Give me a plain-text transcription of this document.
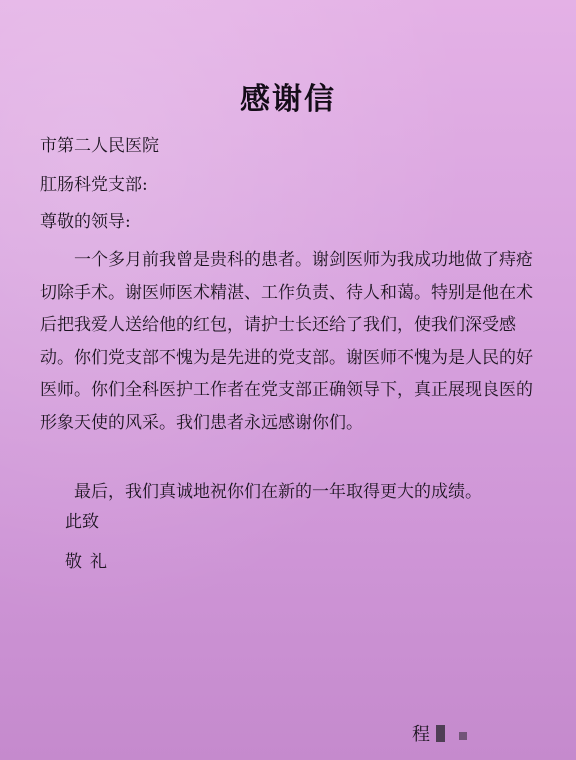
感谢信
市第二人民医院
肛肠科党支部:
尊敬的领导:
一个多月前我曾是贵科的患者。谢剑医师为我成功地做了痔疮切除手术。谢医师医术精湛、工作负责、待人和蔼。特别是他在术后把我爱人送给他的红包，请护士长还给了我们，使我们深受感动。你们党支部不愧为是先进的党支部。谢医师不愧为是人民的好医师。你们全科医护工作者在党支部正确领导下，真正展现良医的形象天使的风采。我们患者永远感谢你们。
最后，我们真诚地祝你们在新的一年取得更大的成绩。
此致
敬礼
程
